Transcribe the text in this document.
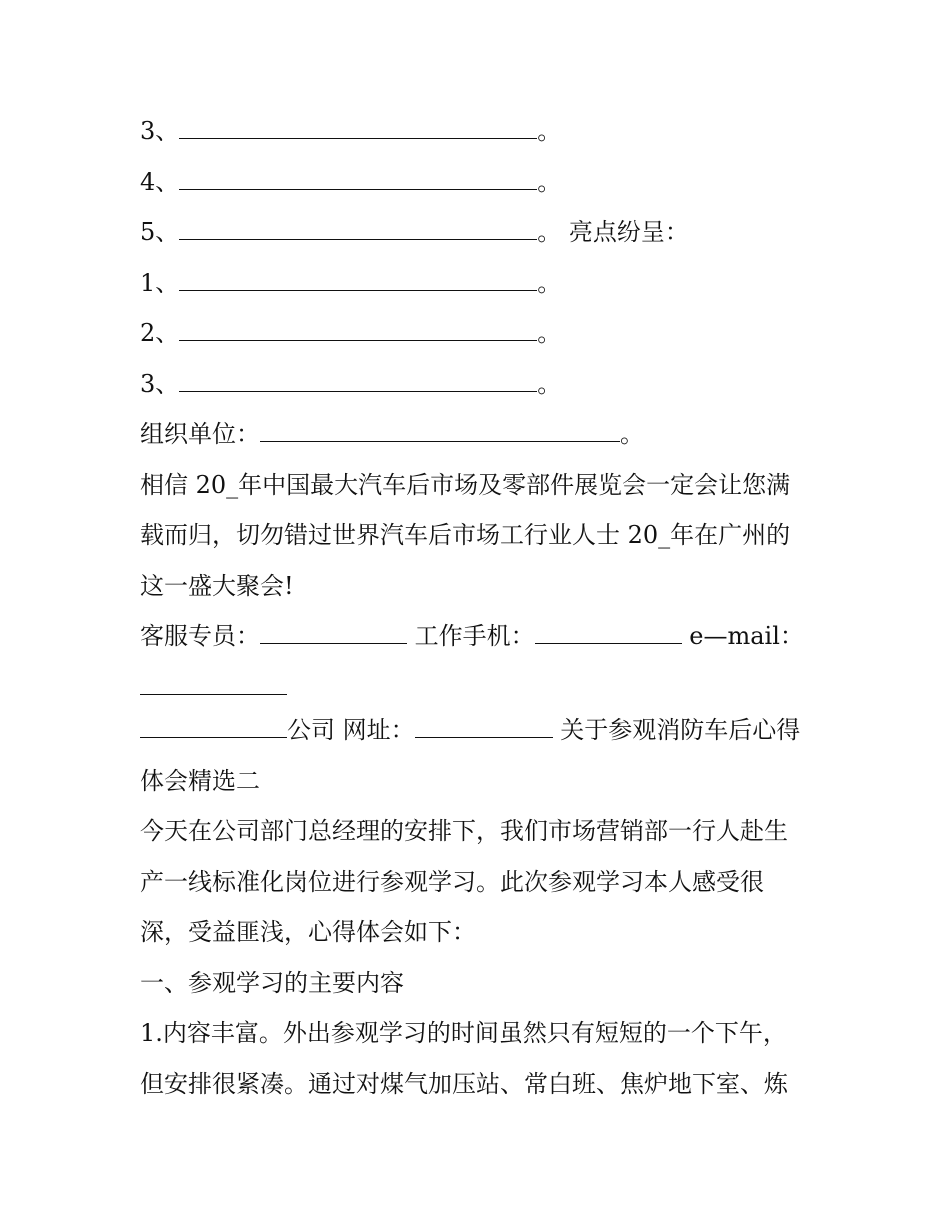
3、	。
4、	。
5、	。 亮点纷呈：
1、	。
2、	。
3、	。
组织单位：	。
相信 20_年中国最大汽车后市场及零部件展览会一定会让您满
载而归，切勿错过世界汽车后市场工行业人士 20_年在广州的
这一盛大聚会!
客服专员：	工作手机：	e—mail：
公司 网址：	关于参观消防车后心得
体会精选二
今天在公司部门总经理的安排下，我们市场营销部一行人赴生
产一线标准化岗位进行参观学习。此次参观学习本人感受很
深，受益匪浅，心得体会如下：
一、参观学习的主要内容
1.内容丰富。外出参观学习的时间虽然只有短短的一个下午，
但安排很紧凑。通过对煤气加压站、常白班、焦炉地下室、炼
